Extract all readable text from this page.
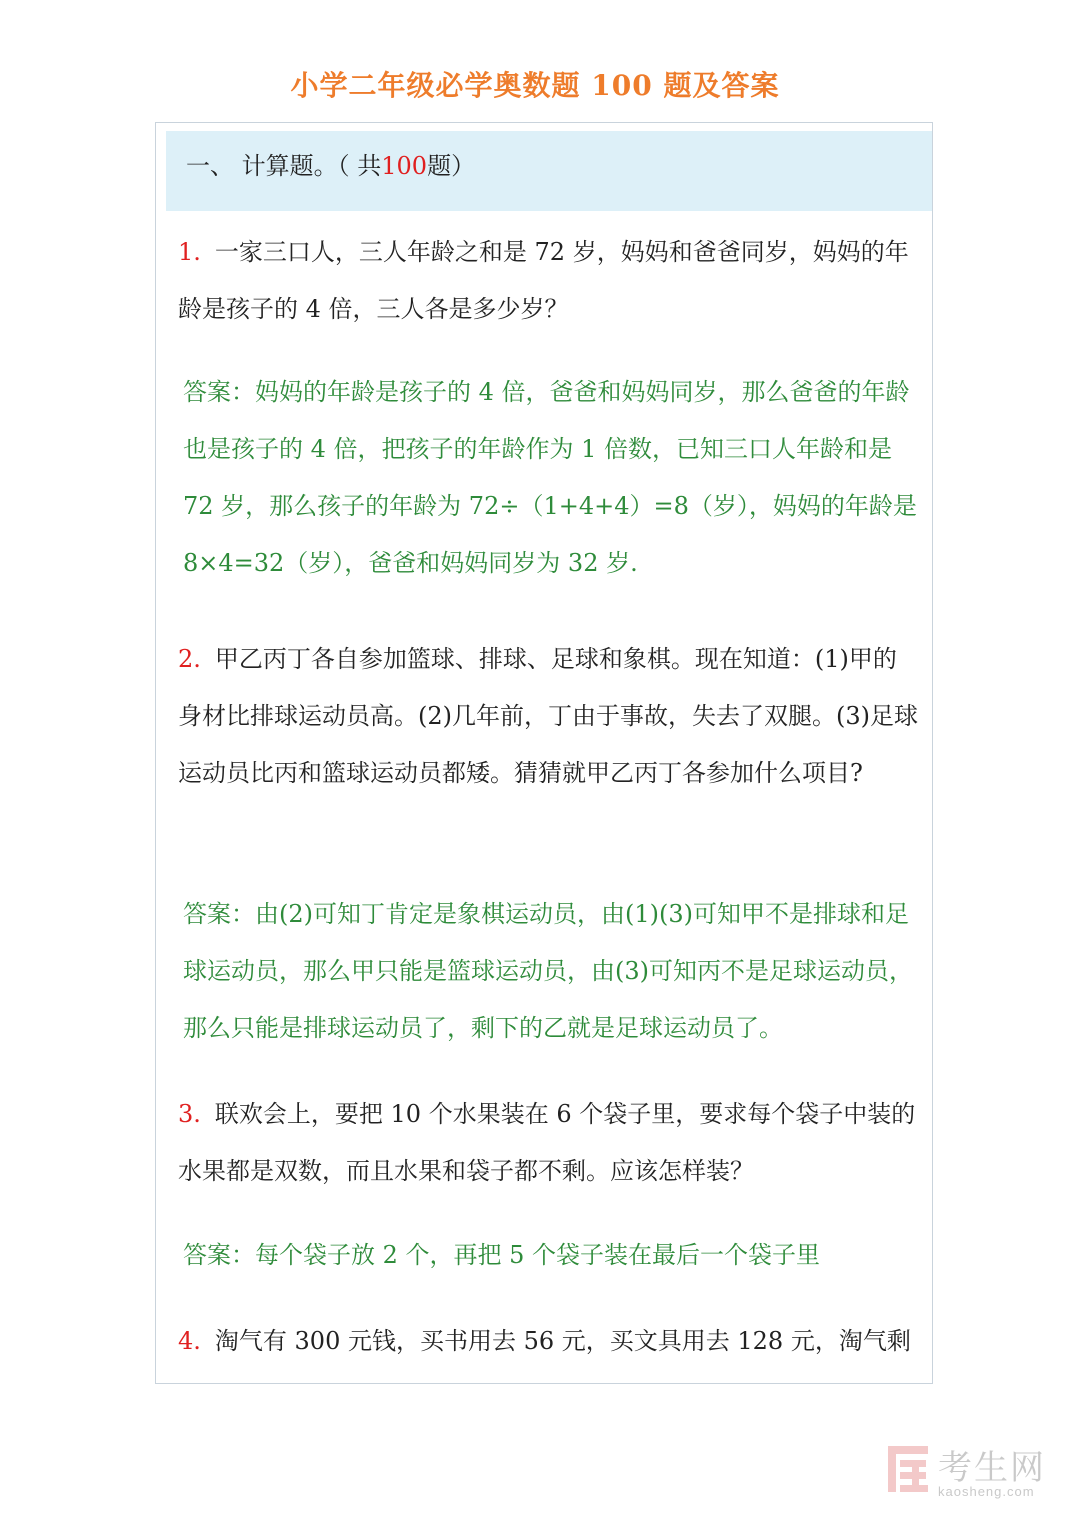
小学二年级必学奥数题 100 题及答案
一、 计算题。（ 共100题）

1. 一家三口人，三人年龄之和是 72 岁，妈妈和爸爸同岁，妈妈的年龄是孩子的 4 倍，三人各是多少岁？

答案：妈妈的年龄是孩子的 4 倍，爸爸和妈妈同岁，那么爸爸的年龄也是孩子的 4 倍，把孩子的年龄作为 1 倍数，已知三口人年龄和是 72 岁，那么孩子的年龄为 72÷（1+4+4）=8（岁），妈妈的年龄是 8×4=32（岁），爸爸和妈妈同岁为 32 岁.

2. 甲乙丙丁各自参加篮球、排球、足球和象棋。现在知道：(1)甲的身材比排球运动员高。(2)几年前，丁由于事故，失去了双腿。(3)足球运动员比丙和篮球运动员都矮。猜猜就甲乙丙丁各参加什么项目?

答案：由(2)可知丁肯定是象棋运动员，由(1)(3)可知甲不是排球和足球运动员，那么甲只能是篮球运动员，由(3)可知丙不是足球运动员，那么只能是排球运动员了，剩下的乙就是足球运动员了。

3. 联欢会上，要把 10 个水果装在 6 个袋子里，要求每个袋子中装的水果都是双数，而且水果和袋子都不剩。应该怎样装？

答案：每个袋子放 2 个，再把 5 个袋子装在最后一个袋子里

4. 淘气有 300 元钱，买书用去 56 元，买文具用去 128 元，淘气剩

考生网
kaosheng.com
